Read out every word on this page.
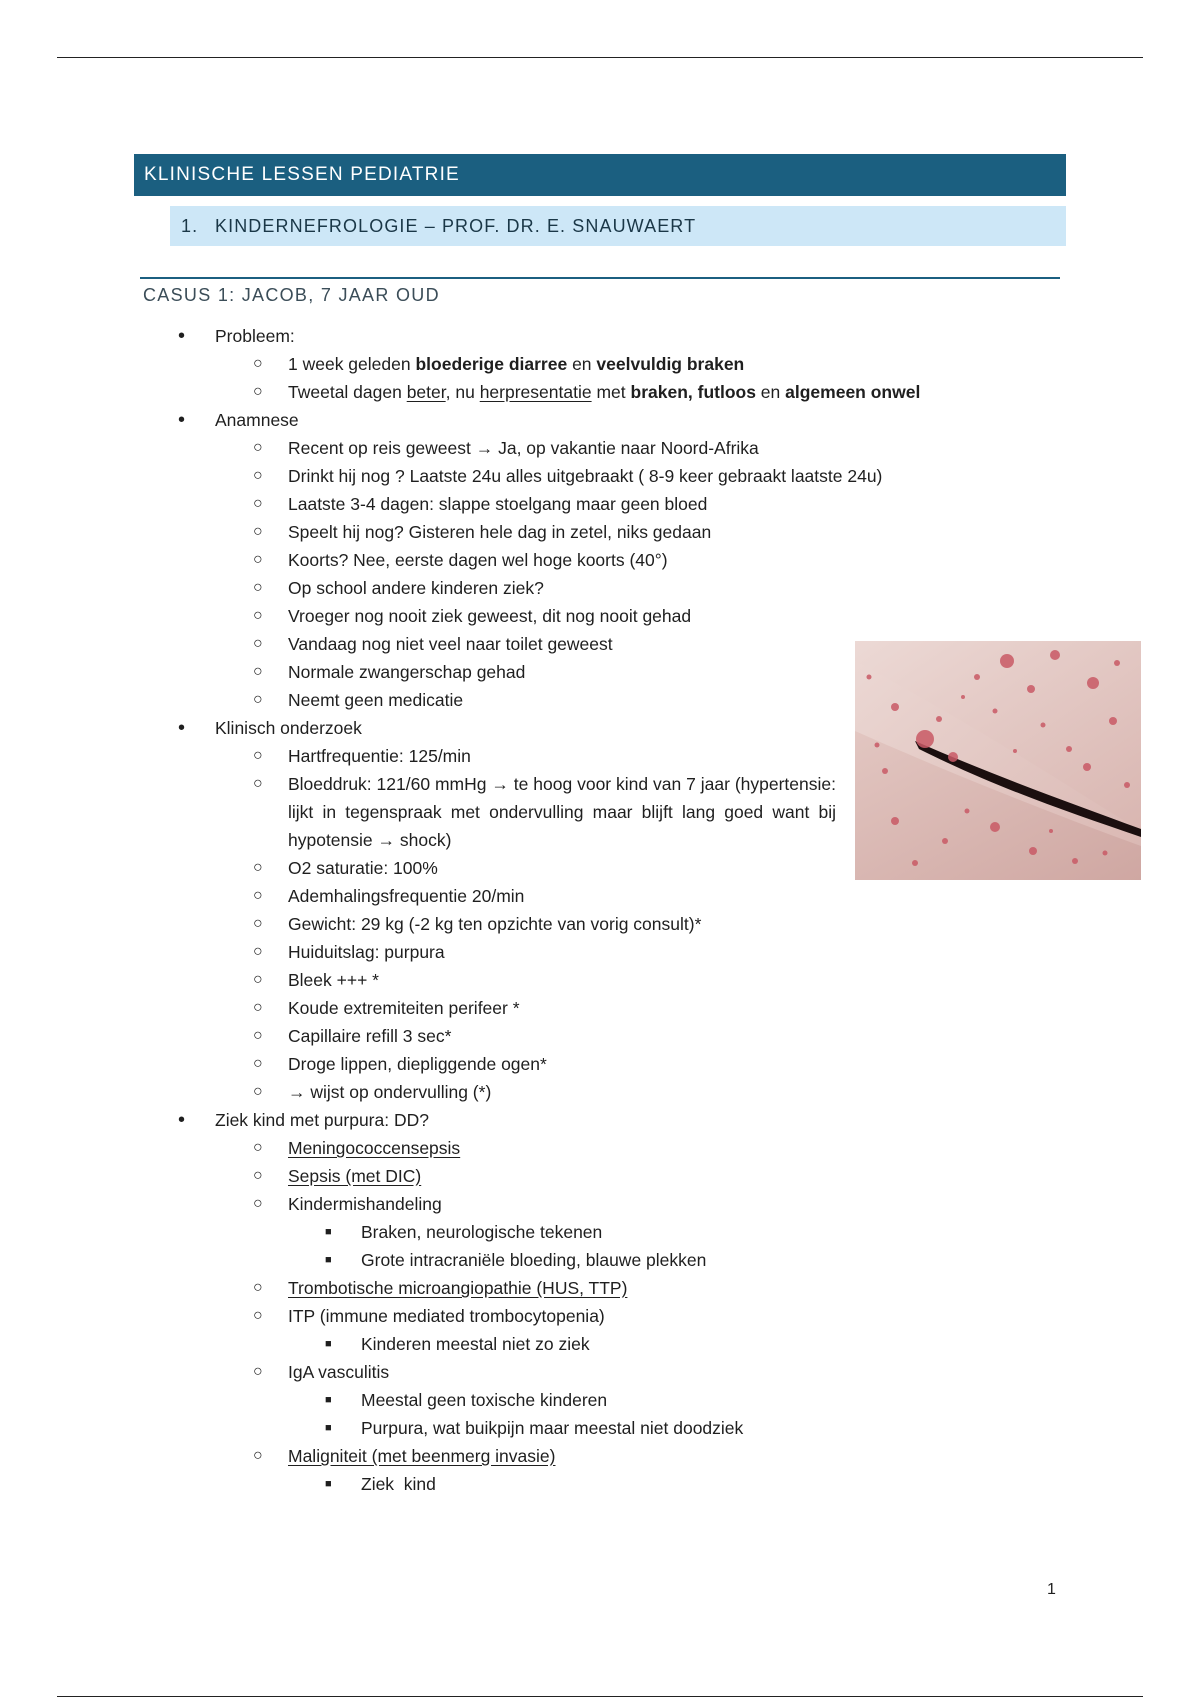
KLINISCHE LESSEN PEDIATRIE
1. KINDERNEFROLOGIE – PROF. DR. E. SNAUWAERT
CASUS 1: JACOB, 7 JAAR OUD
• Probleem:
○ 1 week geleden bloederige diarree en veelvuldig braken
○ Tweetal dagen beter, nu herpresentatie met braken, futloos en algemeen onwel
• Anamnese
○ Recent op reis geweest → Ja, op vakantie naar Noord-Afrika
○ Drinkt hij nog ? Laatste 24u alles uitgebraakt ( 8-9 keer gebraakt laatste 24u)
○ Laatste 3-4 dagen: slappe stoelgang maar geen bloed
○ Speelt hij nog? Gisteren hele dag in zetel, niks gedaan
○ Koorts? Nee, eerste dagen wel hoge koorts (40°)
○ Op school andere kinderen ziek?
○ Vroeger nog nooit ziek geweest, dit nog nooit gehad
○ Vandaag nog niet veel naar toilet geweest
○ Normale zwangerschap gehad
○ Neemt geen medicatie
• Klinisch onderzoek
○ Hartfrequentie: 125/min
○ Bloeddruk: 121/60 mmHg → te hoog voor kind van 7 jaar (hypertensie: lijkt in tegenspraak met ondervulling maar blijft lang goed want bij hypotensie → shock)
○ O2 saturatie: 100%
○ Ademhalingsfrequentie 20/min
○ Gewicht: 29 kg (-2 kg ten opzichte van vorig consult)*
○ Huiduitslag: purpura
○ Bleek +++ *
○ Koude extremiteiten perifeer *
○ Capillaire refill 3 sec*
○ Droge lippen, diepliggende ogen*
○ → wijst op ondervulling (*)
• Ziek kind met purpura: DD?
○ Meningococcensepsis
○ Sepsis (met DIC)
○ Kindermishandeling
■ Braken, neurologische tekenen
■ Grote intracraniële bloeding, blauwe plekken
○ Trombotische microangiopathie (HUS, TTP)
○ ITP (immune mediated trombocytopenia)
■ Kinderen meestal niet zo ziek
○ IgA vasculitis
■ Meestal geen toxische kinderen
■ Purpura, wat buikpijn maar meestal niet doodziek
○ Maligniteit (met beenmerg invasie)
■ Ziek  kind
1
